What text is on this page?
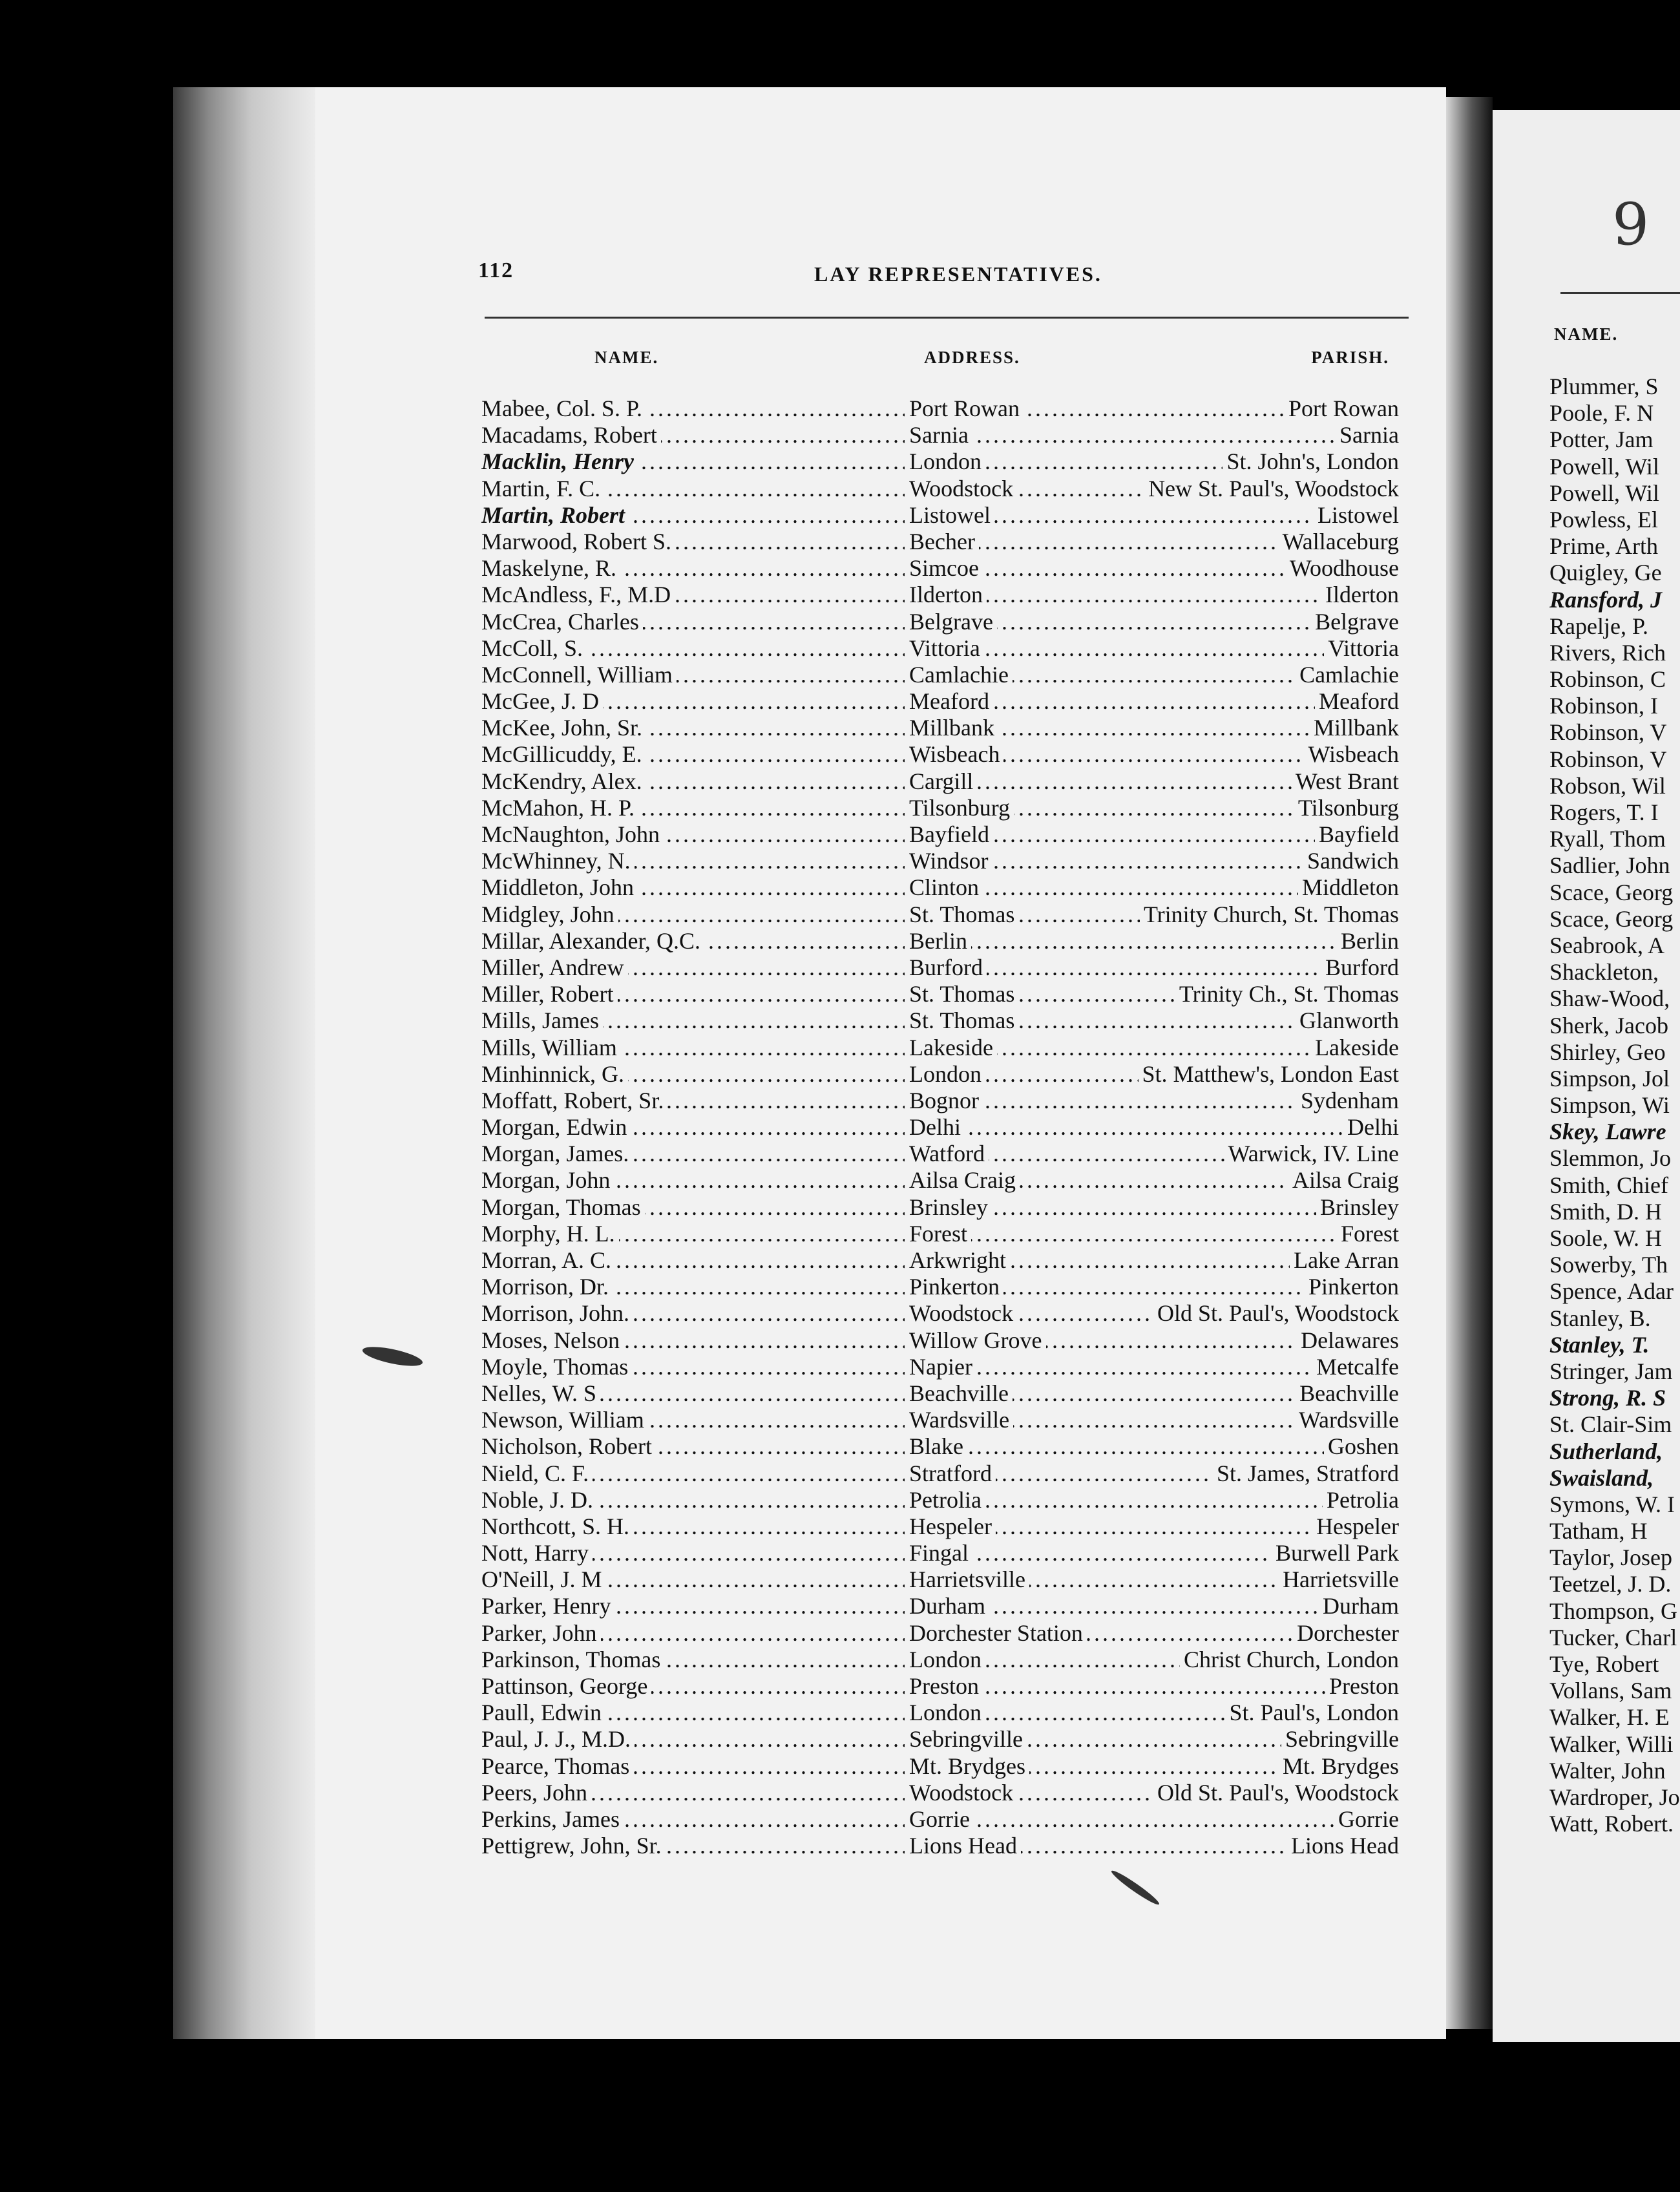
112	LAY REPRESENTATIVES.
NAME.	ADDRESS.	PARISH.
Mabee, Col. S. P. .....	Port Rowan .....	Port Rowan
Macadams, Robert .....	Sarnia .....	Sarnia
Macklin, Henry .....	London .....	St. John's, London
Martin, F. C. .....	Woodstock .....	New St. Paul's, Woodstock
Martin, Robert .....	Listowel .....	Listowel
Marwood, Robert S. .....	Becher .....	Wallaceburg
Maskelyne, R. .....	Simcoe .....	Woodhouse
McAndless, F., M.D .....	Ilderton .....	Ilderton
McCrea, Charles .....	Belgrave .....	Belgrave
McColl, S. .....	Vittoria .....	Vittoria
McConnell, William .....	Camlachie .....	Camlachie
McGee, J. D .....	Meaford .....	Meaford
McKee, John, Sr. .....	Millbank .....	Millbank
McGillicuddy, E. .....	Wisbeach .....	Wisbeach
McKendry, Alex. .....	Cargill .....	West Brant
McMahon, H. P. .....	Tilsonburg .....	Tilsonburg
McNaughton, John .....	Bayfield .....	Bayfield
McWhinney, N. .....	Windsor .....	Sandwich
Middleton, John .....	Clinton .....	Middleton
Midgley, John .....	St. Thomas .....	Trinity Church, St. Thomas
Millar, Alexander, Q.C. .....	Berlin .....	Berlin
Miller, Andrew .....	Burford .....	Burford
Miller, Robert .....	St. Thomas .....	Trinity Ch., St. Thomas
Mills, James .....	St. Thomas .....	Glanworth
Mills, William .....	Lakeside .....	Lakeside
Minhinnick, G. .....	London .....	St. Matthew's, London East
Moffatt, Robert, Sr. .....	Bognor .....	Sydenham
Morgan, Edwin .....	Delhi .....	Delhi
Morgan, James. .....	Watford .....	Warwick, IV. Line
Morgan, John .....	Ailsa Craig .....	Ailsa Craig
Morgan, Thomas .....	Brinsley .....	Brinsley
Morphy, H. L. .....	Forest .....	Forest
Morran, A. C. .....	Arkwright .....	Lake Arran
Morrison, Dr. .....	Pinkerton .....	Pinkerton
Morrison, John. .....	Woodstock .....	Old St. Paul's, Woodstock
Moses, Nelson .....	Willow Grove .....	Delawares
Moyle, Thomas .....	Napier .....	Metcalfe
Nelles, W. S .....	Beachville .....	Beachville
Newson, William .....	Wardsville .....	Wardsville
Nicholson, Robert .....	Blake .....	Goshen
Nield, C. F. .....	Stratford .....	St. James, Stratford
Noble, J. D. .....	Petrolia .....	Petrolia
Northcott, S. H. .....	Hespeler .....	Hespeler
Nott, Harry .....	Fingal .....	Burwell Park
O'Neill, J. M .....	Harrietsville .....	Harrietsville
Parker, Henry .....	Durham .....	Durham
Parker, John .....	Dorchester Station .....	Dorchester
Parkinson, Thomas .....	London .....	Christ Church, London
Pattinson, George .....	Preston .....	Preston
Paull, Edwin .....	London .....	St. Paul's, London
Paul, J. J., M.D. .....	Sebringville .....	Sebringville
Pearce, Thomas .....	Mt. Brydges .....	Mt. Brydges
Peers, John .....	Woodstock .....	Old St. Paul's, Woodstock
Perkins, James .....	Gorrie .....	Gorrie
Pettigrew, John, Sr. .....	Lions Head .....	Lions Head
9
NAME.
Plummer, S
Poole, F. N
Potter, Jam
Powell, Wil
Powell, Wil
Powless, El
Prime, Arth
Quigley, Ge
Ransford, J
Rapelje, P.
Rivers, Rich
Robinson, C
Robinson, I
Robinson, V
Robinson, V
Robson, Wil
Rogers, T. I
Ryall, Thom
Sadlier, John
Scace, Georg
Scace, Georg
Seabrook, A
Shackleton,
Shaw-Wood,
Sherk, Jacob
Shirley, Geo
Simpson, Jol
Simpson, Wi
Skey, Lawre
Slemmon, Jo
Smith, Chief
Smith, D. H
Soole, W. H
Sowerby, Th
Spence, Adar
Stanley, B.
Stanley, T.
Stringer, Jam
Strong, R. S
St. Clair-Sim
Sutherland,
Swaisland,
Symons, W. I
Tatham, H
Taylor, Josep
Teetzel, J. D.
Thompson, G
Tucker, Charl
Tye, Robert
Vollans, Sam
Walker, H. E
Walker, Willi
Walter, John
Wardroper, Jo
Watt, Robert.
